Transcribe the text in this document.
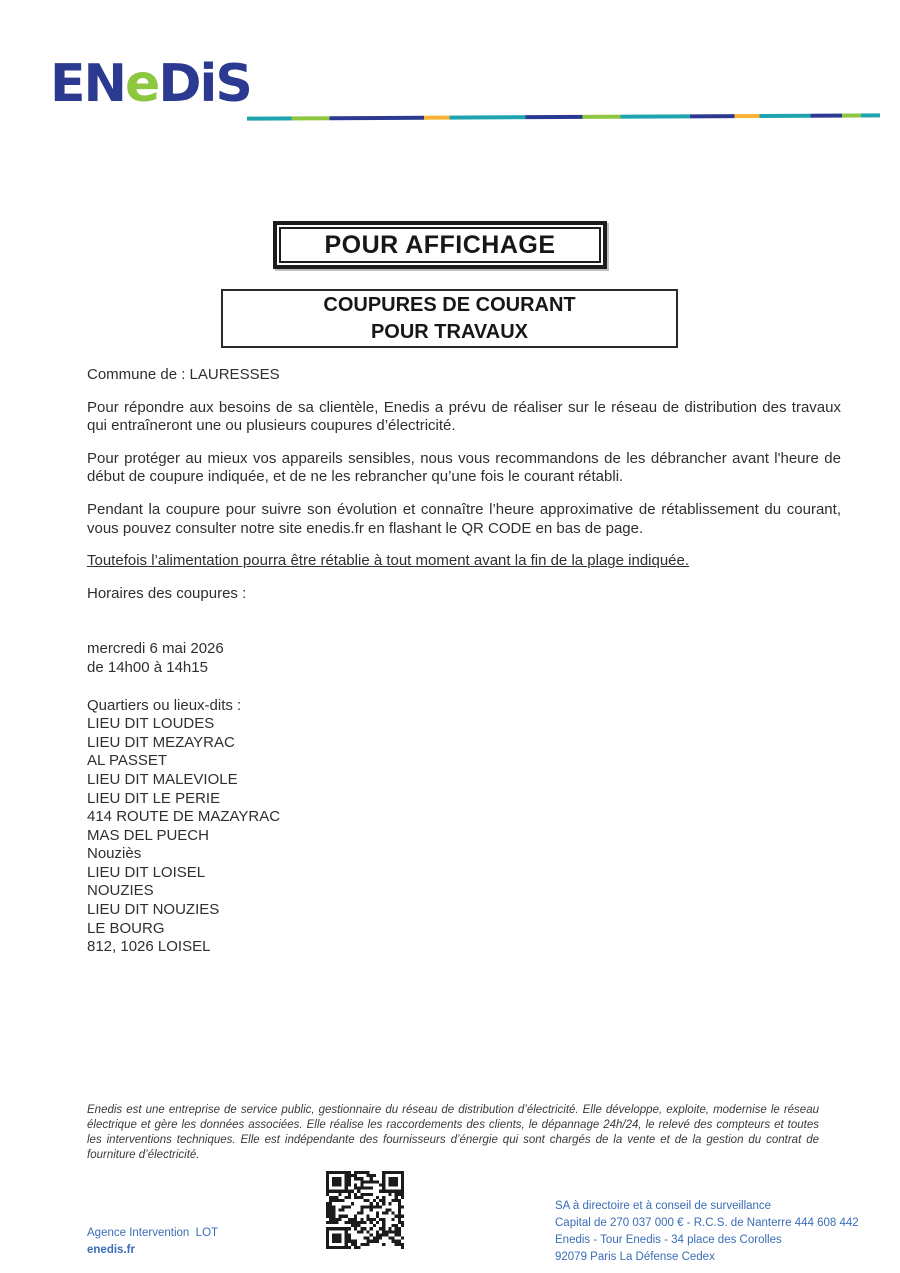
ENeDiS
POUR AFFICHAGE
COUPURES DE COURANT
POUR TRAVAUX

Commune de : LAURESSES

Pour répondre aux besoins de sa clientèle, Enedis a prévu de réaliser sur le réseau de distribution des travaux qui entraîneront une ou plusieurs coupures d’électricité.

Pour protéger au mieux vos appareils sensibles, nous vous recommandons de les débrancher avant l'heure de début de coupure indiquée, et de ne les rebrancher qu’une fois le courant rétabli.

Pendant la coupure pour suivre son évolution et connaître l’heure approximative de rétablissement du courant, vous pouvez consulter notre site enedis.fr en flashant le QR CODE en bas de page.

Toutefois l’alimentation pourra être rétablie à tout moment avant la fin de la plage indiquée.

Horaires des coupures :

mercredi 6 mai 2026
de 14h00 à 14h15
Quartiers ou lieux-dits :
LIEU DIT LOUDES
LIEU DIT MEZAYRAC
AL PASSET
LIEU DIT MALEVIOLE
LIEU DIT LE PERIE
414 ROUTE DE MAZAYRAC
MAS DEL PUECH
Nouziès
LIEU DIT LOISEL
NOUZIES
LIEU DIT NOUZIES
LE BOURG
812, 1026 LOISEL

Enedis est une entreprise de service public, gestionnaire du réseau de distribution d’électricité. Elle développe, exploite, modernise le réseau électrique et gère les données associées. Elle réalise les raccordements des clients, le dépannage 24h/24, le relevé des compteurs et toutes les interventions techniques. Elle est indépendante des fournisseurs d’énergie qui sont chargés de la vente et de la gestion du contrat de fourniture d’électricité.

Agence Intervention  LOT
enedis.fr
SA à directoire et à conseil de surveillance
Capital de 270 037 000 € - R.C.S. de Nanterre 444 608 442
Enedis - Tour Enedis - 34 place des Corolles
92079 Paris La Défense Cedex
